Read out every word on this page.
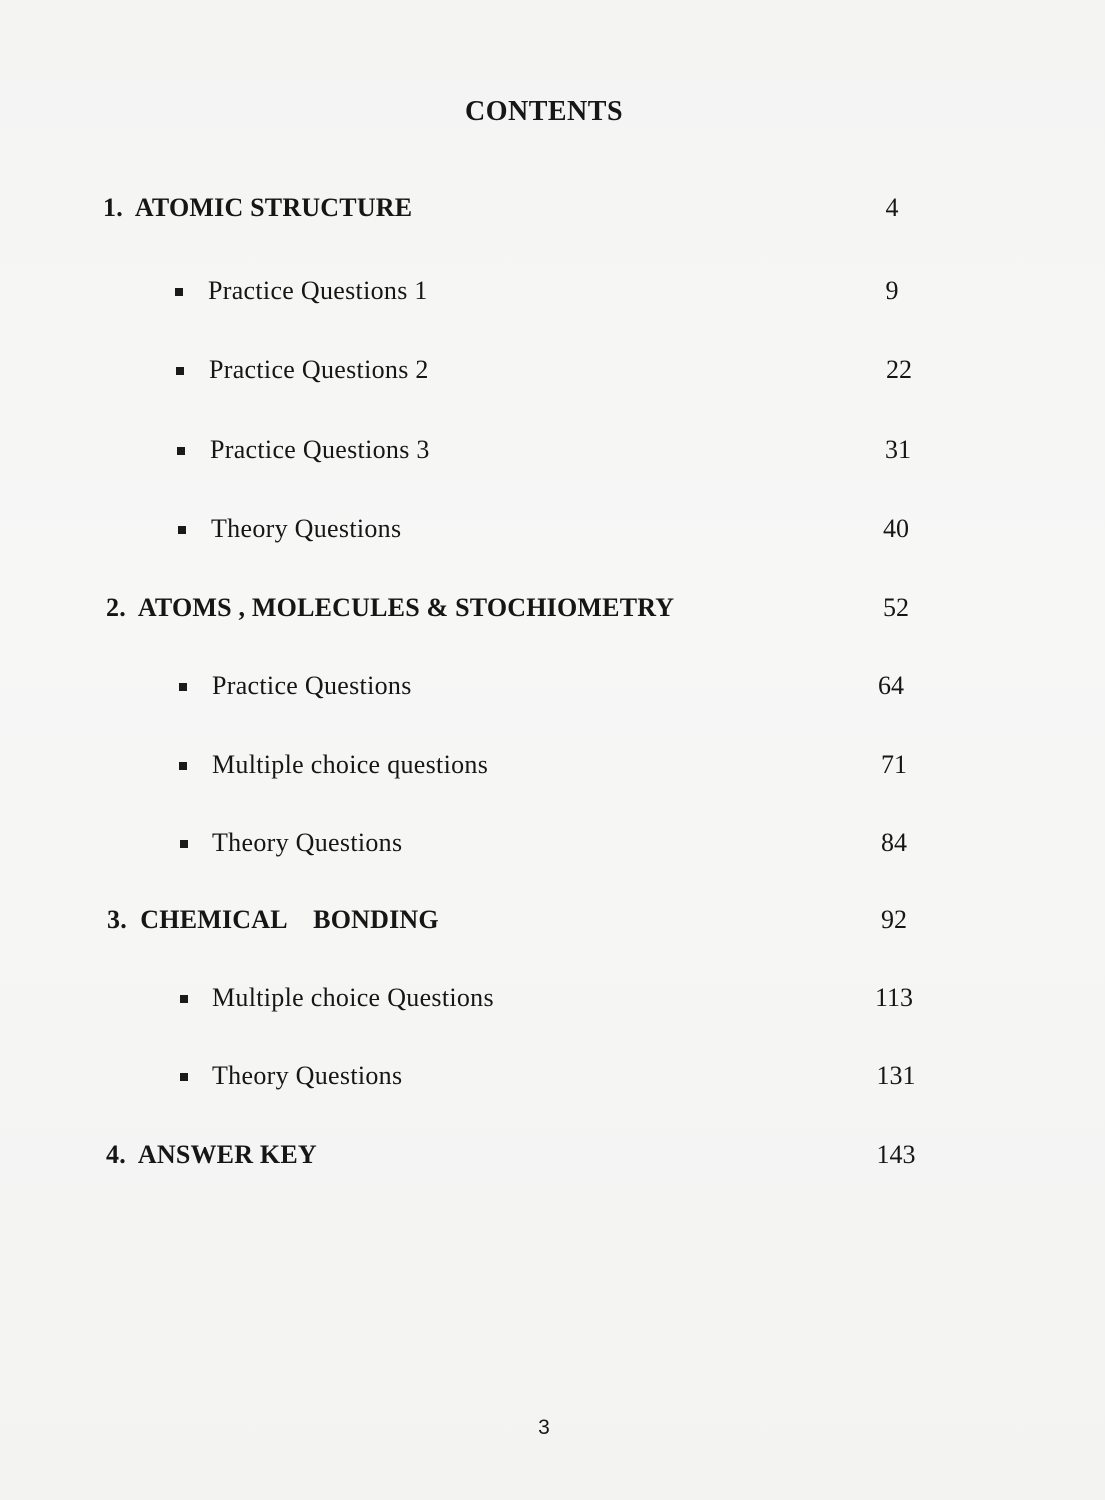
CONTENTS
1.  ATOMIC STRUCTURE	4
Practice Questions 1	9
Practice Questions 2	22
Practice Questions 3	31
Theory Questions	40
2.  ATOMS , MOLECULES & STOCHIOMETRY	52
Practice Questions	64
Multiple choice questions	71
Theory Questions	84
3.  CHEMICAL    BONDING	92
Multiple choice Questions	113
Theory Questions	131
4.  ANSWER KEY	143
3
